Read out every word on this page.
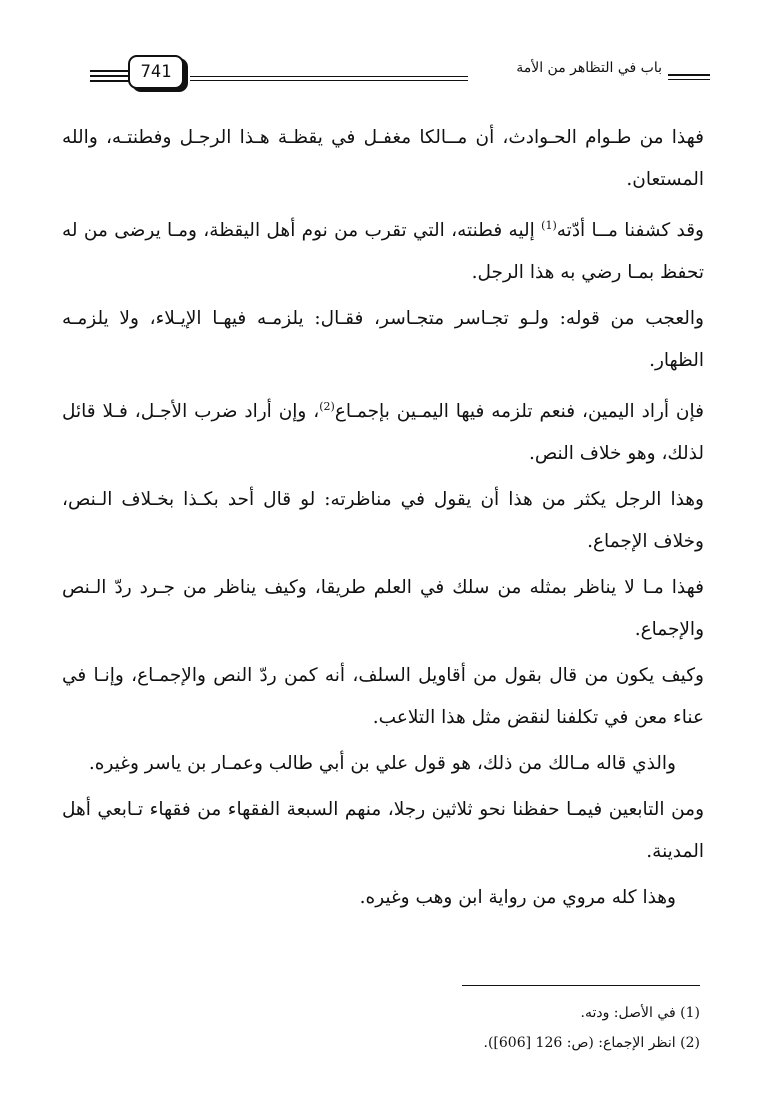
باب في التظاهر من الأمة
741

فهذا من طـوام الحـوادث، أن مــالكا مغفـل في يقظـة هـذا الرجـل وفطنتـه، والله المستعان.

وقد كشفنا مــا أدّته$^{(1)}$ إليه فطنته، التي تقرب من نوم أهل اليقظة، ومـا يرضى من له تحفظ بمـا رضي به هذا الرجل.

والعجب من قوله: ولـو تجـاسر متجـاسر، فقـال: يلزمـه فيهـا الإيـلاء، ولا يلزمـه الظهار.

فإن أراد اليمين، فنعم تلزمه فيها اليمـين بإجمـاع$^{(2)}$، وإن أراد ضرب الأجـل، فـلا قائل لذلك، وهو خلاف النص.

وهذا الرجل يكثر من هذا أن يقول في مناظرته: لو قال أحد بكـذا بخـلاف الـنص، وخلاف الإجماع.

فهذا مـا لا يناظر بمثله من سلك في العلم طريقا، وكيف يناظر من جـرد ردّ الـنص والإجماع.

وكيف يكون من قال بقول من أقاويل السلف، أنه كمن ردّ النص والإجمـاع، وإنـا في عناء معن في تكلفنا لنقض مثل هذا التلاعب.

والذي قاله مـالك من ذلك، هو قول علي بن أبي طالب وعمـار بن ياسر وغيره.

ومن التابعين فيمـا حفظنا نحو ثلاثين رجلا، منهم السبعة الفقهاء من فقهاء تـابعي أهل المدينة.

وهذا كله مروي من رواية ابن وهب وغيره.

(1) في الأصل: ودته.
(2) انظر الإجماع: (ص: 126 [606]).
